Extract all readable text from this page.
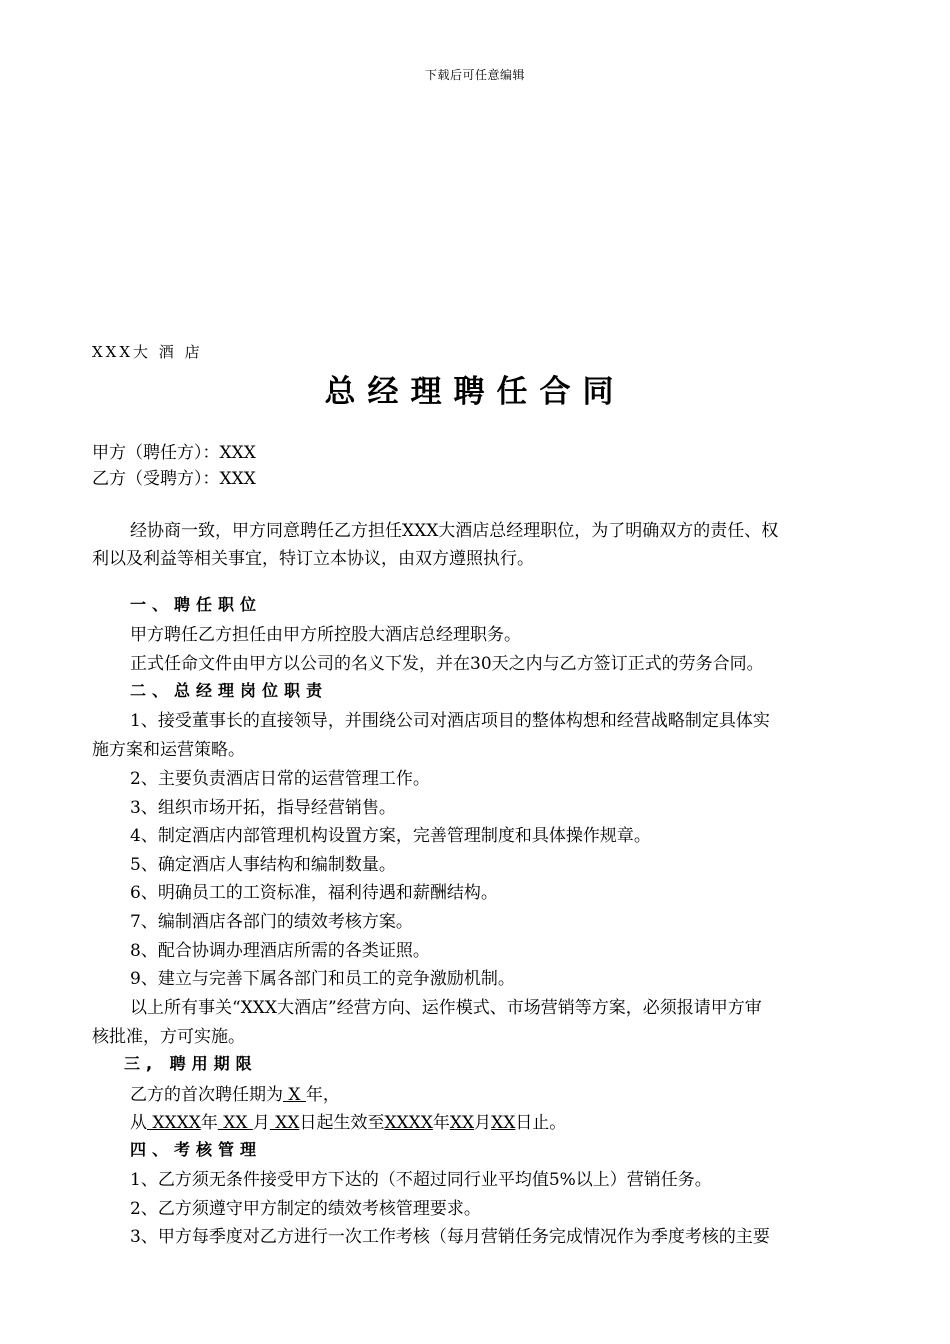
下载后可任意编辑
XXX大 酒 店
总经理聘任合同
甲方（聘任方）：XXX
乙方（受聘方）：XXX
经协商一致，甲方同意聘任乙方担任XXX大酒店总经理职位，为了明确双方的责任、权
利以及利益等相关事宜，特订立本协议，由双方遵照执行。
一、聘任职位
甲方聘任乙方担任由甲方所控股大酒店总经理职务。
正式任命文件由甲方以公司的名义下发，并在30天之内与乙方签订正式的劳务合同。
二、总经理岗位职责
1、接受董事长的直接领导，并围绕公司对酒店项目的整体构想和经营战略制定具体实
施方案和运营策略。
2、主要负责酒店日常的运营管理工作。
3、组织市场开拓，指导经营销售。
4、制定酒店内部管理机构设置方案，完善管理制度和具体操作规章。
5、确定酒店人事结构和编制数量。
6、明确员工的工资标准，福利待遇和薪酬结构。
7、编制酒店各部门的绩效考核方案。
8、配合协调办理酒店所需的各类证照。
9、建立与完善下属各部门和员工的竞争激励机制。
以上所有事关“XXX大酒店”经营方向、运作模式、市场营销等方案，必须报请甲方审
核批准，方可实施。
三, 聘用期限
乙方的首次聘任期为 X 年，
从 XXXX年 XX 月 XX日起生效至XXXX年XX月XX日止。
四、考核管理
1、乙方须无条件接受甲方下达的（不超过同行业平均值5%以上）营销任务。
2、乙方须遵守甲方制定的绩效考核管理要求。
3、甲方每季度对乙方进行一次工作考核（每月营销任务完成情况作为季度考核的主要
